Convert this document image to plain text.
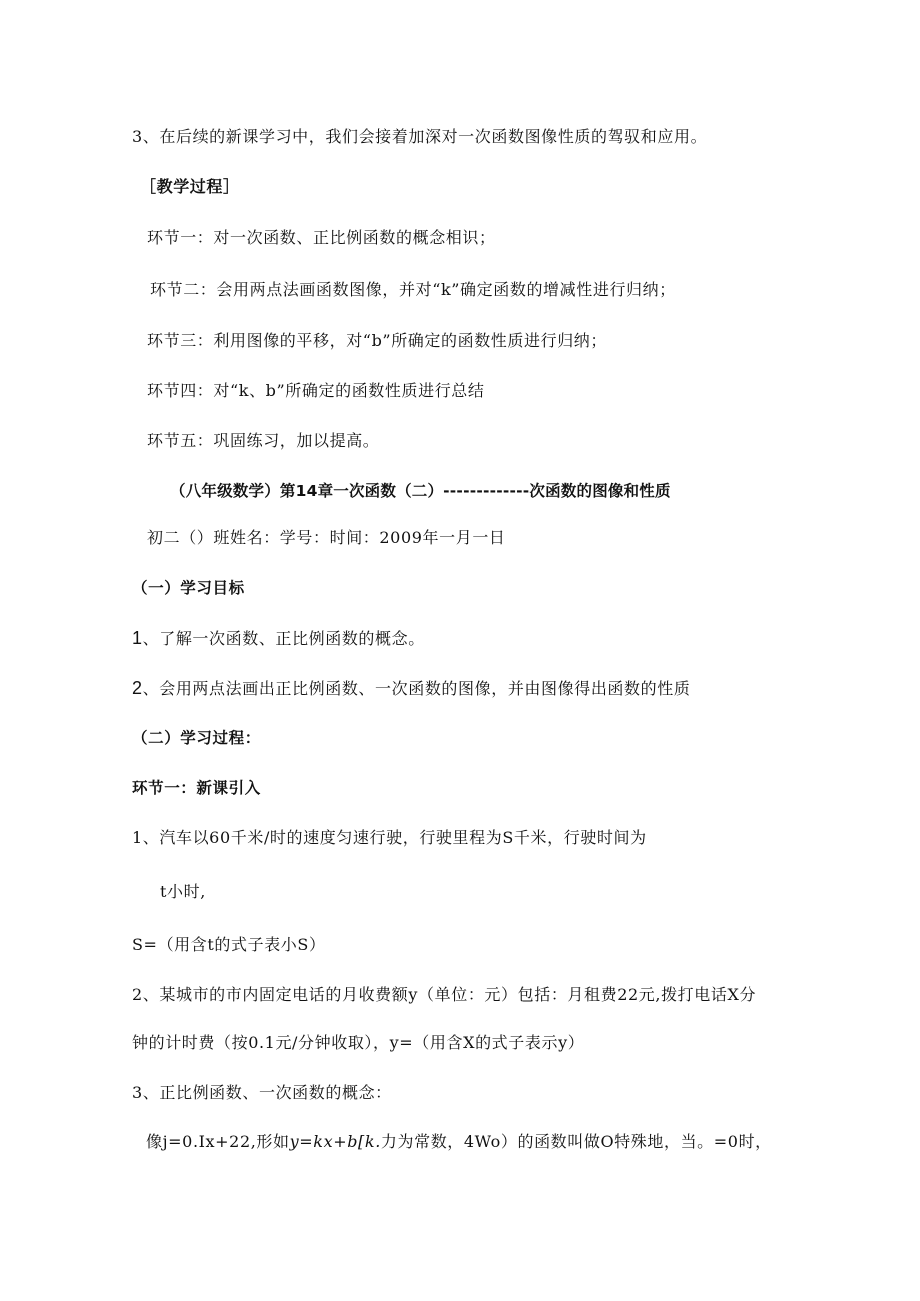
3、在后续的新课学习中，我们会接着加深对一次函数图像性质的驾驭和应用。
［教学过程］
环节一：对一次函数、正比例函数的概念相识；
环节二：会用两点法画函数图像，并对“k”确定函数的增减性进行归纳；
环节三：利用图像的平移，对“b”所确定的函数性质进行归纳；
环节四：对“k、b”所确定的函数性质进行总结
环节五：巩固练习，加以提高。
（八年级数学）第14章一次函数（二）-------------次函数的图像和性质
初二（）班姓名：学号：时间：2009年一月一日
（一）学习目标
1、了解一次函数、正比例函数的概念。
2、会用两点法画出正比例函数、一次函数的图像，并由图像得出函数的性质
（二）学习过程：
环节一：新课引入
1、汽车以60千米/时的速度匀速行驶，行驶里程为S千米，行驶时间为
t小时,
S=（用含t的式子表小S）
2、某城市的市内固定电话的月收费额y（单位：元）包括：月租费22元,拨打电话X分
钟的计时费（按0.1元/分钟收取），y=（用含X的式子表示y）
3、正比例函数、一次函数的概念：
像j=0.Ix+22,形如y=kx+b[k.力为常数，4Wo）的函数叫做O特殊地，当。=0时，
